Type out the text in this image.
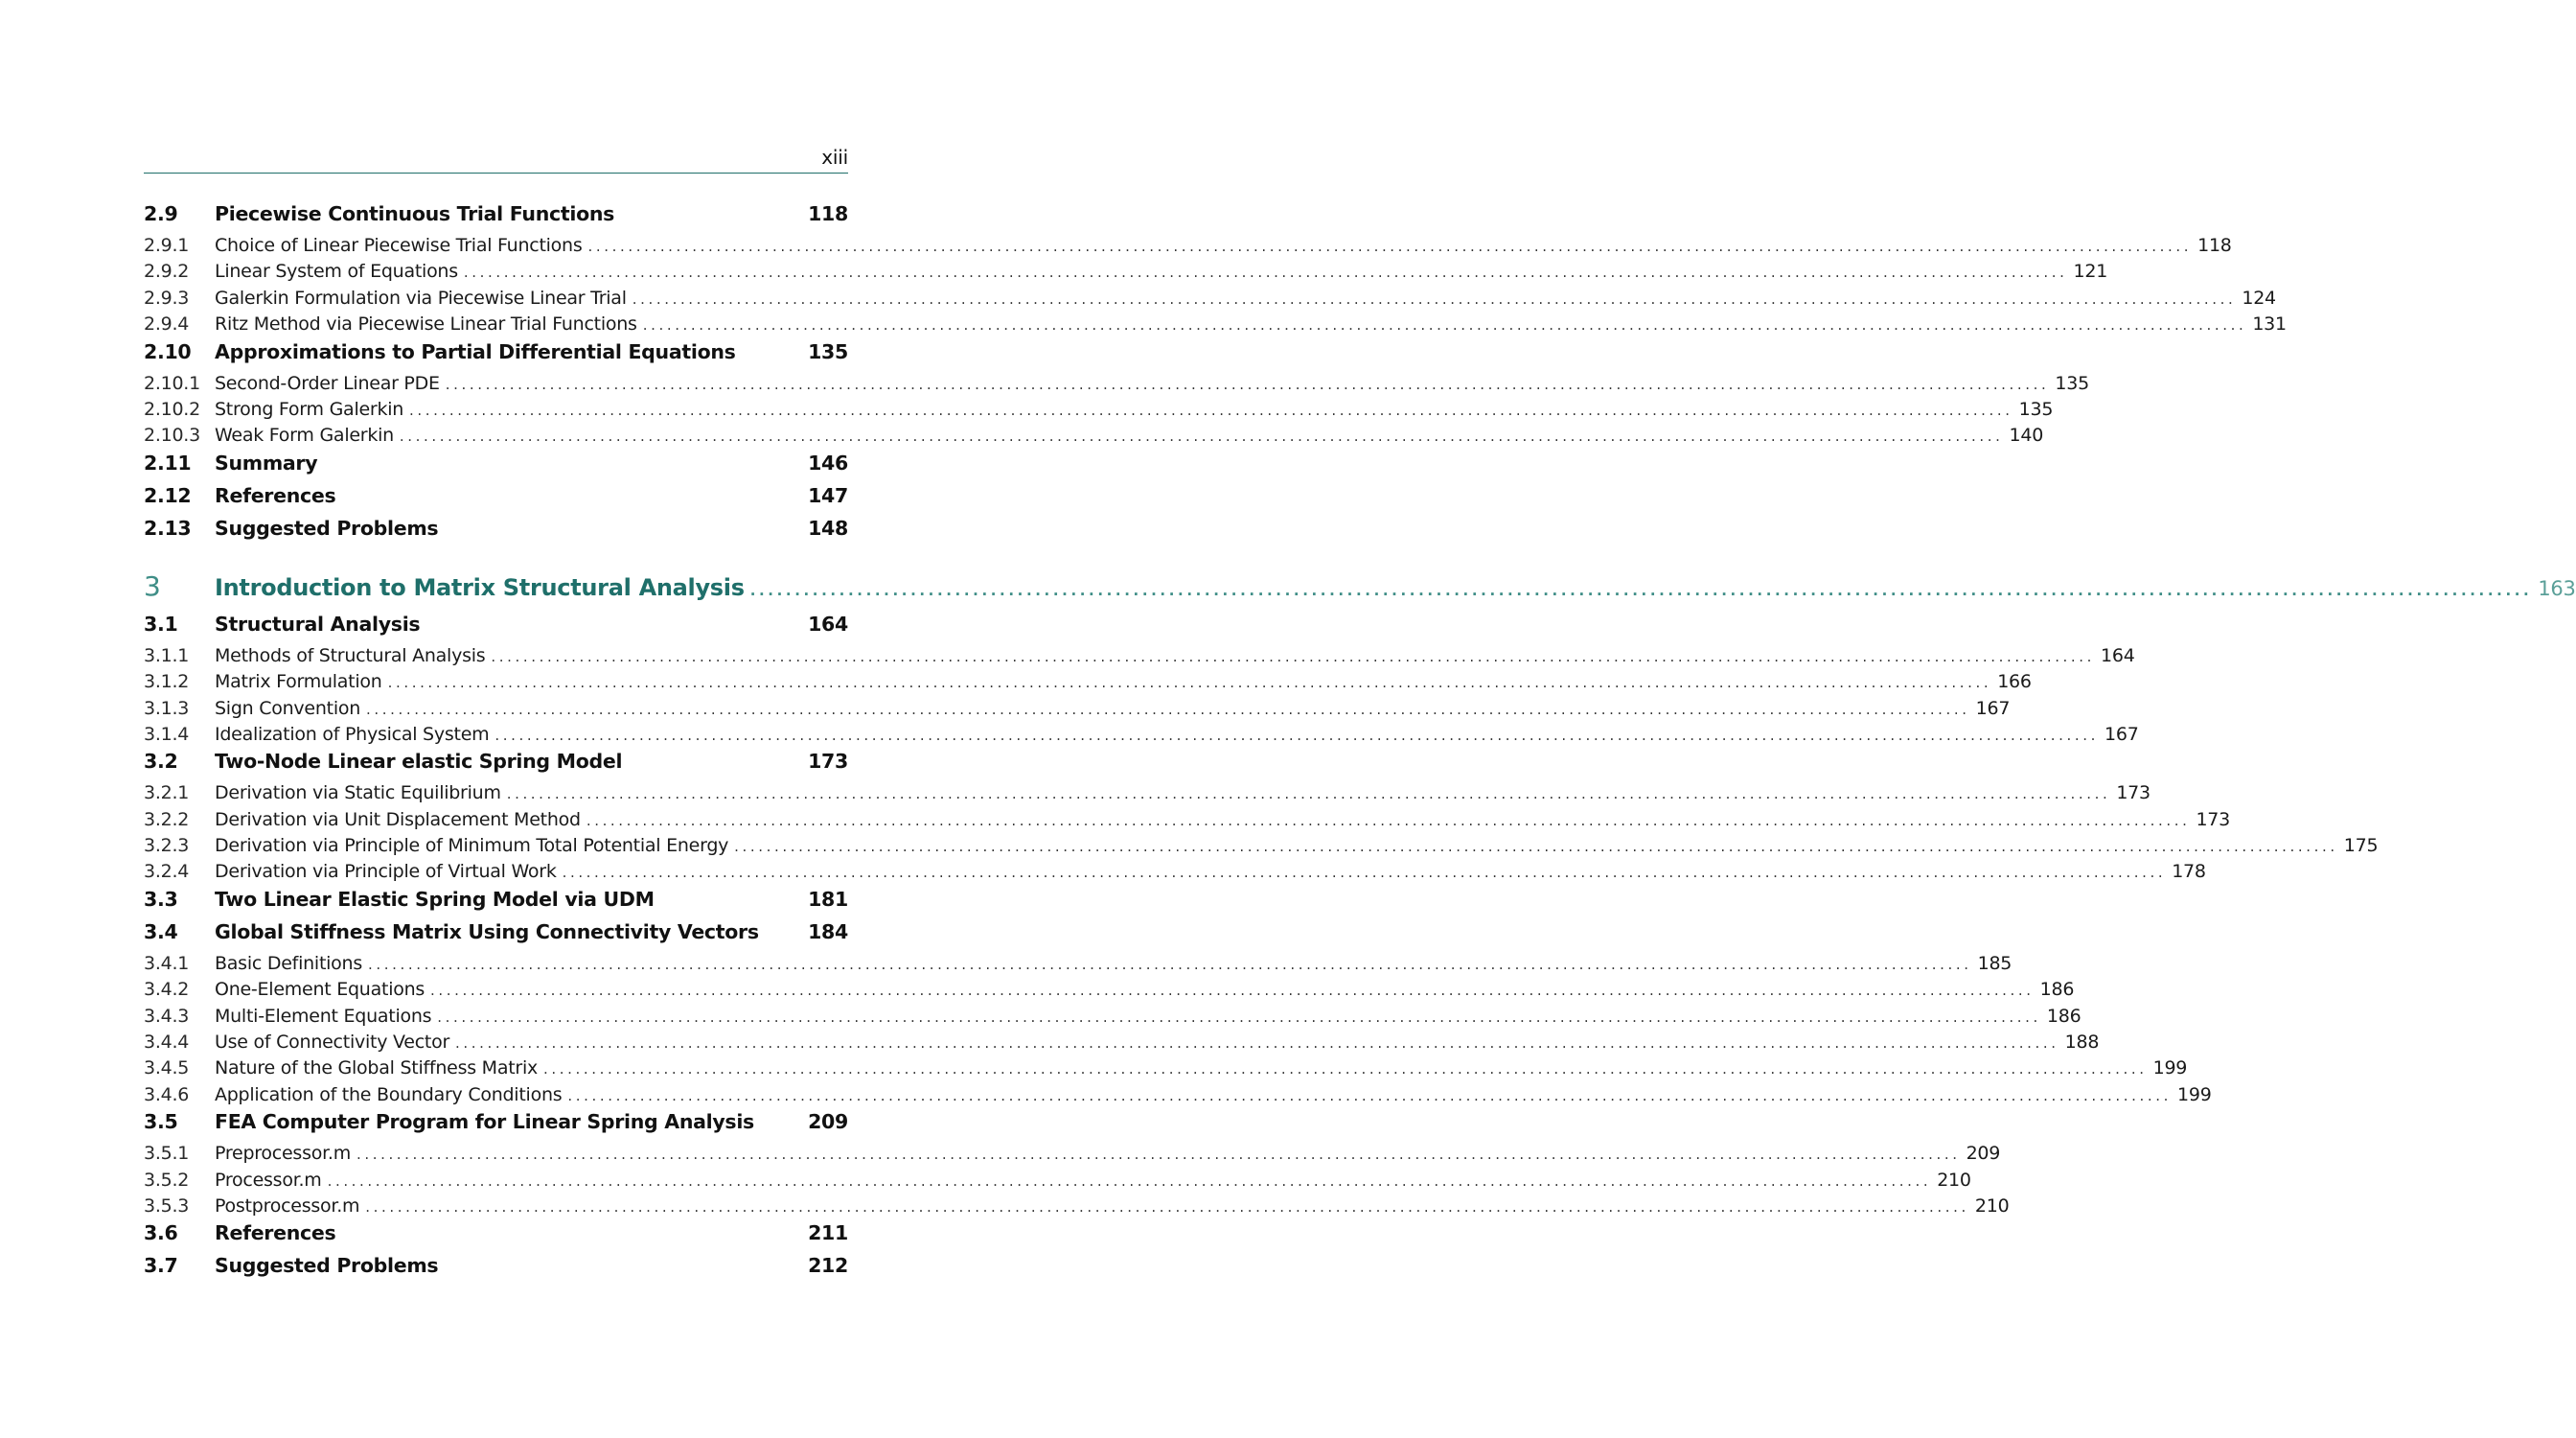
xiii
2.9	Piecewise Continuous Trial Functions	118
2.9.1	Choice of Linear Piecewise Trial Functions ........................................................................................................................................................................................................ 118
2.9.2	Linear System of Equations ........................................................................................................................................................................................................ 121
2.9.3	Galerkin Formulation via Piecewise Linear Trial ........................................................................................................................................................................................................ 124
2.9.4	Ritz Method via Piecewise Linear Trial Functions ........................................................................................................................................................................................................ 131
2.10	Approximations to Partial Differential Equations	135
2.10.1 Second-Order Linear PDE ........................................................................................................................................................................................................ 135
2.10.2 Strong Form Galerkin ........................................................................................................................................................................................................ 135
2.10.3 Weak Form Galerkin ........................................................................................................................................................................................................ 140
2.11	Summary	146
2.12	References	147
2.13	Suggested Problems	148
3	Introduction to Matrix Structural Analysis ........................................................................................................................................................................................................ 163
3.1	Structural Analysis	164
3.1.1	Methods of Structural Analysis ........................................................................................................................................................................................................ 164
3.1.2	Matrix Formulation ........................................................................................................................................................................................................ 166
3.1.3	Sign Convention ........................................................................................................................................................................................................ 167
3.1.4	Idealization of Physical System ........................................................................................................................................................................................................ 167
3.2	Two-Node Linear elastic Spring Model	173
3.2.1	Derivation via Static Equilibrium ........................................................................................................................................................................................................ 173
3.2.2	Derivation via Unit Displacement Method ........................................................................................................................................................................................................ 173
3.2.3	Derivation via Principle of Minimum Total Potential Energy ........................................................................................................................................................................................................ 175
3.2.4	Derivation via Principle of Virtual Work ........................................................................................................................................................................................................ 178
3.3	Two Linear Elastic Spring Model via UDM	181
3.4	Global Stiffness Matrix Using Connectivity Vectors	184
3.4.1	Basic Definitions ........................................................................................................................................................................................................ 185
3.4.2	One-Element Equations ........................................................................................................................................................................................................ 186
3.4.3	Multi-Element Equations ........................................................................................................................................................................................................ 186
3.4.4	Use of Connectivity Vector ........................................................................................................................................................................................................ 188
3.4.5	Nature of the Global Stiffness Matrix ........................................................................................................................................................................................................ 199
3.4.6	Application of the Boundary Conditions ........................................................................................................................................................................................................ 199
3.5	FEA Computer Program for Linear Spring Analysis	209
3.5.1	Preprocessor.m ........................................................................................................................................................................................................ 209
3.5.2	Processor.m ........................................................................................................................................................................................................ 210
3.5.3	Postprocessor.m ........................................................................................................................................................................................................ 210
3.6	References	211
3.7	Suggested Problems	212
